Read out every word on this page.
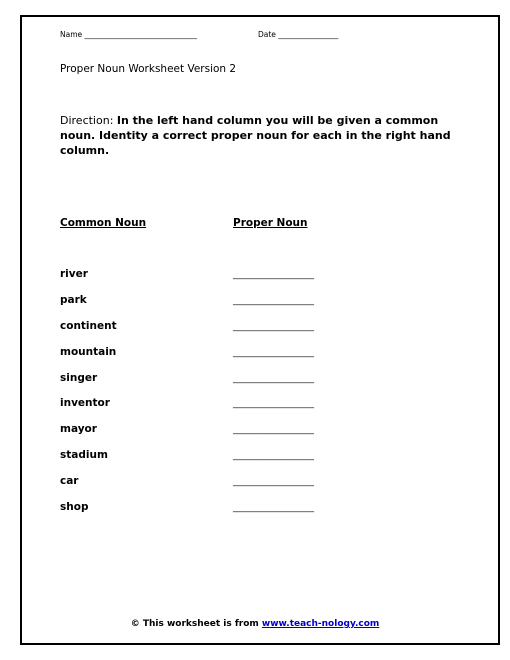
Name ______________________________	Date ________________
Proper Noun Worksheet Version 2
Direction: In the left hand column you will be given a common noun. Identity a correct proper noun for each in the right hand column.
Common Noun	Proper Noun
river	__________________
park	__________________
continent	__________________
mountain	__________________
singer	__________________
inventor	__________________
mayor	__________________
stadium	__________________
car	__________________
shop	__________________
© This worksheet is from www.teach-nology.com
